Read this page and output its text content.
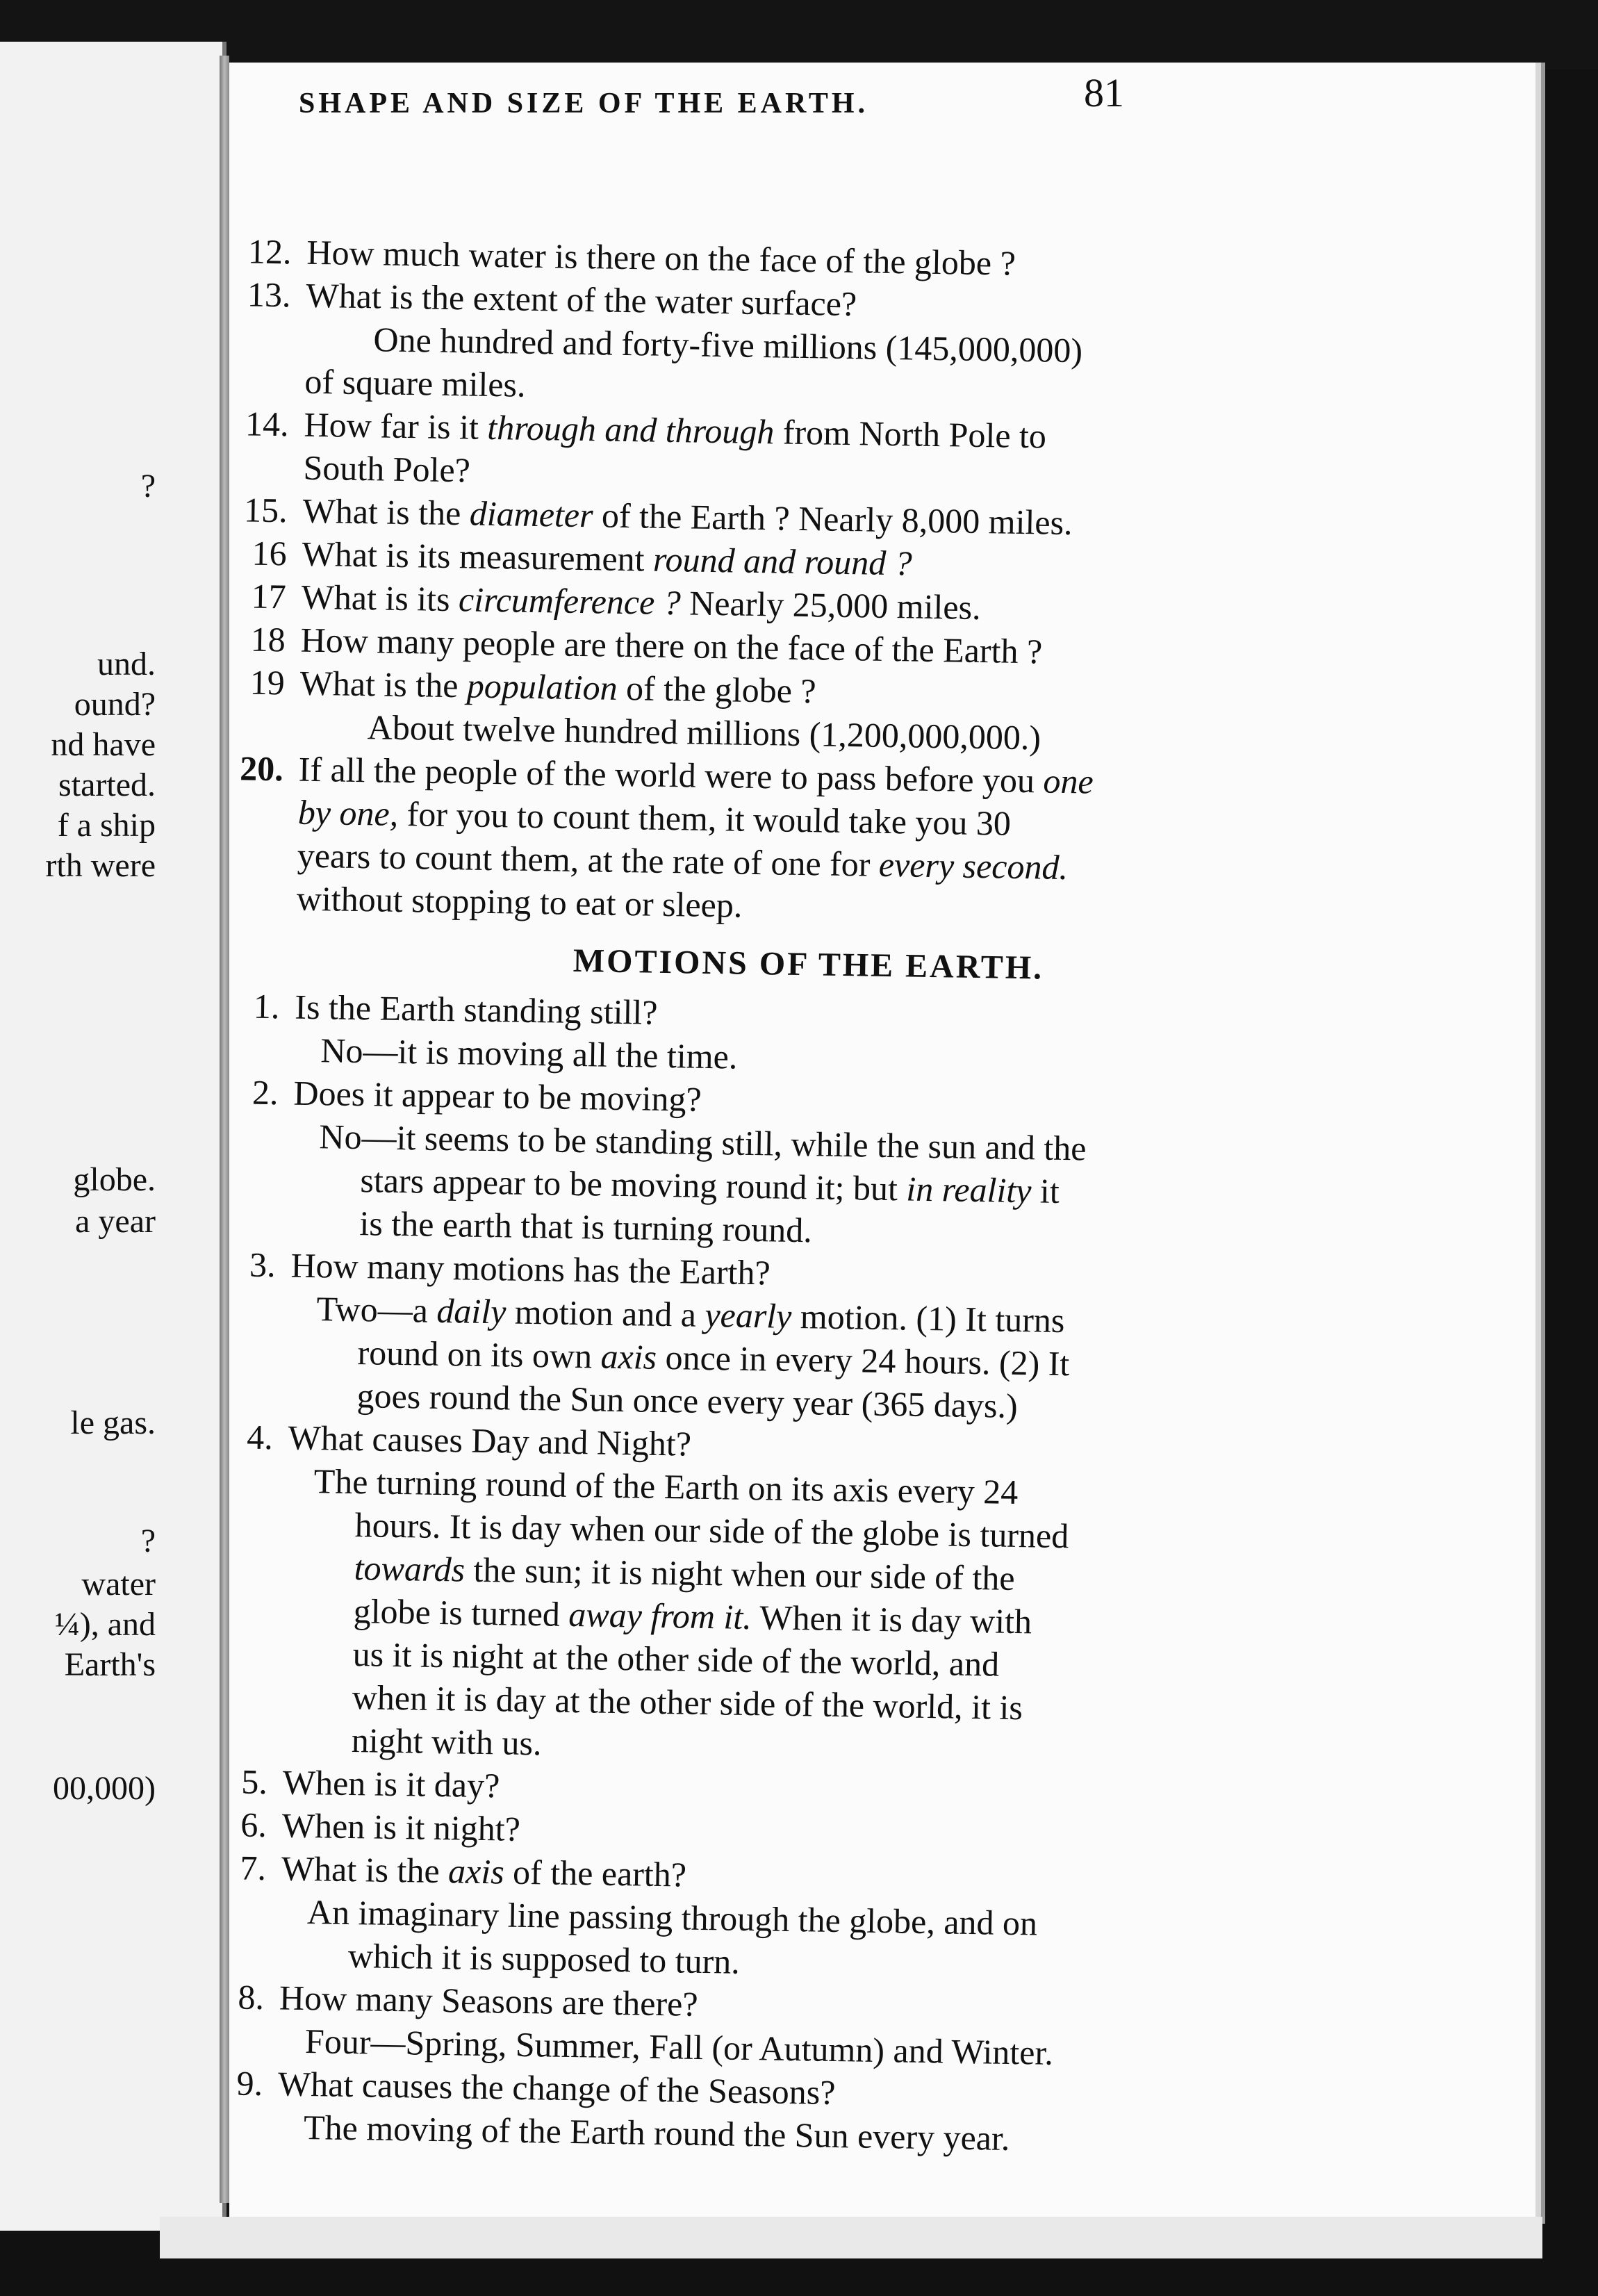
?
und.
ound?
nd have
started.
f a ship
rth were
globe.
a year
le gas.
?
water
¼), and
Earth's
00,000)
SHAPE AND SIZE OF THE EARTH.	81
12. How much water is there on the face of the globe ?
13. What is the extent of the water surface?
One hundred and forty-five millions (145,000,000)
of square miles.
14. How far is it through and through from North Pole to
South Pole?
15. What is the diameter of the Earth ? Nearly 8,000 miles.
16 What is its measurement round and round ?
17 What is its circumference ? Nearly 25,000 miles.
18 How many people are there on the face of the Earth ?
19 What is the population of the globe ?
About twelve hundred millions (1,200,000,000.)
20. If all the people of the world were to pass before you one
by one, for you to count them, it would take you 30
years to count them, at the rate of one for every second.
without stopping to eat or sleep.
MOTIONS OF THE EARTH.
1. Is the Earth standing still?
No—it is moving all the time.
2. Does it appear to be moving?
No—it seems to be standing still, while the sun and the
stars appear to be moving round it; but in reality it
is the earth that is turning round.
3. How many motions has the Earth?
Two—a daily motion and a yearly motion. (1) It turns
round on its own axis once in every 24 hours. (2) It
goes round the Sun once every year (365 days.)
4. What causes Day and Night?
The turning round of the Earth on its axis every 24
hours. It is day when our side of the globe is turned
towards the sun; it is night when our side of the
globe is turned away from it. When it is day with
us it is night at the other side of the world, and
when it is day at the other side of the world, it is
night with us.
5. When is it day?
6. When is it night?
7. What is the axis of the earth?
An imaginary line passing through the globe, and on
which it is supposed to turn.
8. How many Seasons are there?
Four—Spring, Summer, Fall (or Autumn) and Winter.
9. What causes the change of the Seasons?
The moving of the Earth round the Sun every year.
